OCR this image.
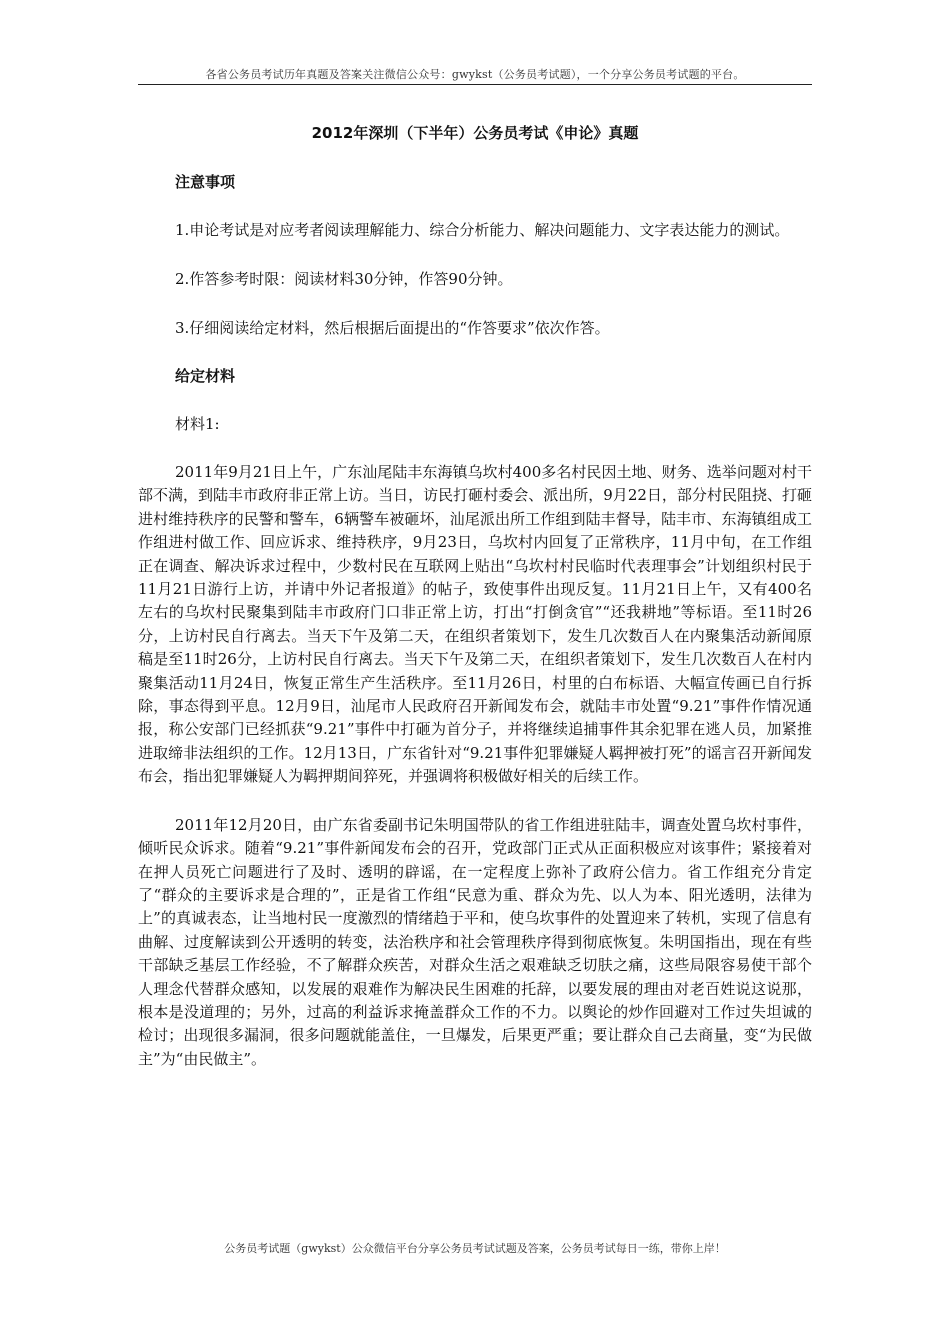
各省公务员考试历年真题及答案关注微信公众号：gwykst（公务员考试题），一个分享公务员考试题的平台。
2012年深圳（下半年）公务员考试《申论》真题
注意事项

1.申论考试是对应考者阅读理解能力、综合分析能力、解决问题能力、文字表达能力的测试。

2.作答参考时限：阅读材料30分钟，作答90分钟。

3.仔细阅读给定材料，然后根据后面提出的“作答要求”依次作答。

给定材料

材料1:

2011年9月21日上午，广东汕尾陆丰东海镇乌坎村400多名村民因土地、财务、选举问题对村干部不满，到陆丰市政府非正常上访。当日，访民打砸村委会、派出所，9月22日，部分村民阻挠、打砸进村维持秩序的民警和警车，6辆警车被砸坏，汕尾派出所工作组到陆丰督导，陆丰市、东海镇组成工作组进村做工作、回应诉求、维持秩序，9月23日，乌坎村内回复了正常秩序，11月中旬，在工作组正在调查、解决诉求过程中，少数村民在互联网上贴出“乌坎村村民临时代表理事会”计划组织村民于11月21日游行上访，并请中外记者报道》的帖子，致使事件出现反复。11月21日上午，又有400名左右的乌坎村民聚集到陆丰市政府门口非正常上访，打出“打倒贪官”“还我耕地”等标语。至11时26分，上访村民自行离去。当天下午及第二天，在组织者策划下，发生几次数百人在内聚集活动新闻原稿是至11时26分，上访村民自行离去。当天下午及第二天，在组织者策划下，发生几次数百人在村内聚集活动11月24日，恢复正常生产生活秩序。至11月26日，村里的白布标语、大幅宣传画已自行拆除，事态得到平息。12月9日，汕尾市人民政府召开新闻发布会，就陆丰市处置“9.21”事件作情况通报，称公安部门已经抓获“9.21”事件中打砸为首分子，并将继续追捕事件其余犯罪在逃人员，加紧推进取缔非法组织的工作。12月13日，广东省针对“9.21事件犯罪嫌疑人羁押被打死”的谣言召开新闻发布会，指出犯罪嫌疑人为羁押期间猝死，并强调将积极做好相关的后续工作。

2011年12月20日，由广东省委副书记朱明国带队的省工作组进驻陆丰，调查处置乌坎村事件，倾听民众诉求。随着“9.21”事件新闻发布会的召开，党政部门正式从正面积极应对该事件；紧接着对在押人员死亡问题进行了及时、透明的辟谣，在一定程度上弥补了政府公信力。省工作组充分肯定了“群众的主要诉求是合理的”，正是省工作组“民意为重、群众为先、以人为本、阳光透明，法律为上”的真诚表态，让当地村民一度激烈的情绪趋于平和，使乌坎事件的处置迎来了转机，实现了信息有曲解、过度解读到公开透明的转变，法治秩序和社会管理秩序得到彻底恢复。朱明国指出，现在有些干部缺乏基层工作经验，不了解群众疾苦，对群众生活之艰难缺乏切肤之痛，这些局限容易使干部个人理念代替群众感知，以发展的艰难作为解决民生困难的托辞，以要发展的理由对老百姓说这说那，根本是没道理的；另外，过高的利益诉求掩盖群众工作的不力。以舆论的炒作回避对工作过失坦诚的检讨；出现很多漏洞，很多问题就能盖住，一旦爆发，后果更严重；要让群众自己去商量，变“为民做主”为“由民做主”。

公务员考试题（gwykst）公众微信平台分享公务员考试试题及答案，公务员考试每日一练，带你上岸！
